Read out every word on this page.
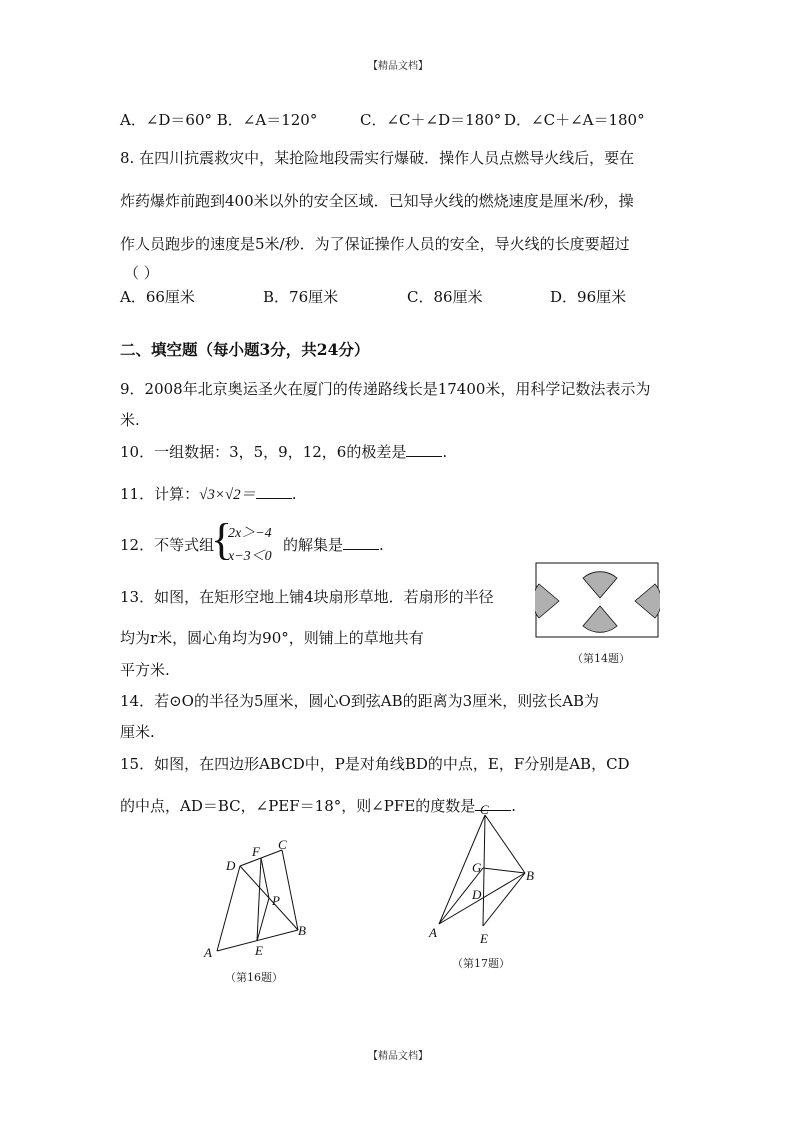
【精品文档】
A．∠D＝60° B．∠A＝120°	C．∠C＋∠D＝180° D．∠C＋∠A＝180°
8. 在四川抗震救灾中，某抢险地段需实行爆破．操作人员点燃导火线后，要在
炸药爆炸前跑到400米以外的安全区域．已知导火线的燃烧速度是厘米/秒，操
作人员跑步的速度是5米/秒．为了保证操作人员的安全，导火线的长度要超过
（ ）
A．66厘米	B．76厘米	C．86厘米	D．96厘米
二、填空题（每小题3分，共24分）
9．2008年北京奥运圣火在厦门的传递路线长是17400米，用科学记数法表示为
米.
10．一组数据：3，5，9，12，6的极差是 .
11．计算：√3×√2＝ .
12．不等式组
{
2x＞−4
x−3＜0
的解集是 .
13．如图，在矩形空地上铺4块扇形草地．若扇形的半径
均为r米，圆心角均为90°，则铺上的草地共有
平方米.
（第14题）
14．若⊙O的半径为5厘米，圆心O到弦AB的距离为3厘米，则弦长AB为
厘米.
15．如图，在四边形ABCD中，P是对角线BD的中点，E，F分别是AB，CD
的中点，AD＝BC，∠PEF＝18°，则∠PFE的度数是 .
D
F C
P
A	E
B
（第16题）
C
G
D
B
A	E
（第17题）
【精品文档】
